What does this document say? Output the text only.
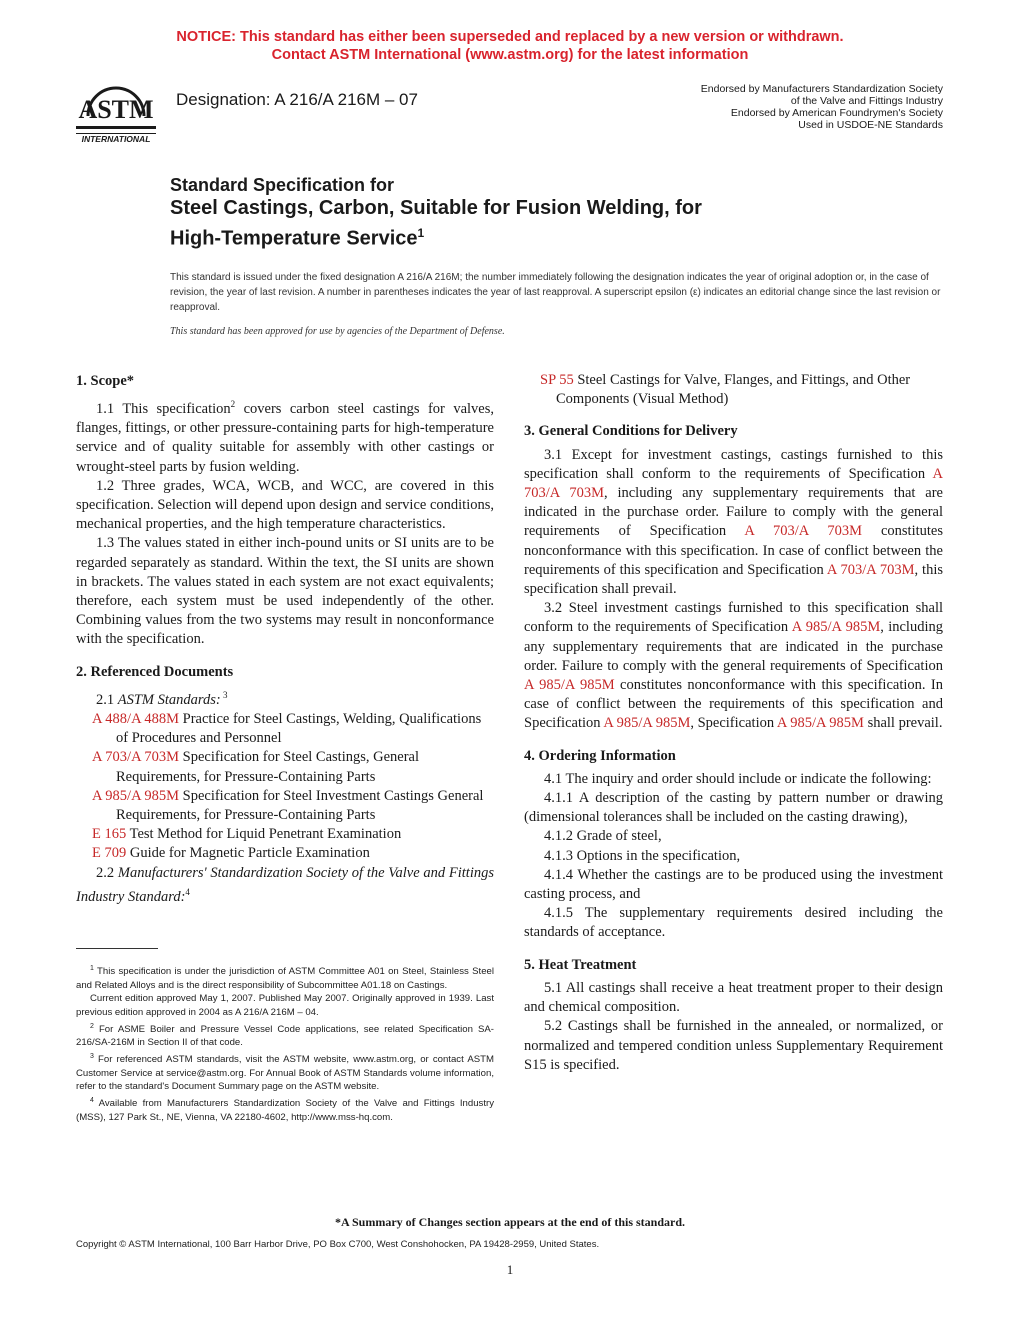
NOTICE: This standard has either been superseded and replaced by a new version or withdrawn.
Contact ASTM International (www.astm.org) for the latest information
ASTM
INTERNATIONAL
Designation: A 216/A 216M – 07
Endorsed by Manufacturers Standardization Society
of the Valve and Fittings Industry
Endorsed by American Foundrymen's Society
Used in USDOE-NE Standards
Standard Specification for
Steel Castings, Carbon, Suitable for Fusion Welding, for
High-Temperature Service$^1$
This standard is issued under the fixed designation A 216/A 216M; the number immediately following the designation indicates the year of original adoption or, in the case of revision, the year of last revision. A number in parentheses indicates the year of last reapproval. A superscript epsilon (ε) indicates an editorial change since the last revision or reapproval.
This standard has been approved for use by agencies of the Department of Defense.

1. Scope*

1.1 This specification$^2$ covers carbon steel castings for valves, flanges, fittings, or other pressure-containing parts for high-temperature service and of quality suitable for assembly with other castings or wrought-steel parts by fusion welding.

1.2 Three grades, WCA, WCB, and WCC, are covered in this specification. Selection will depend upon design and service conditions, mechanical properties, and the high temperature characteristics.

1.3 The values stated in either inch-pound units or SI units are to be regarded separately as standard. Within the text, the SI units are shown in brackets. The values stated in each system are not exact equivalents; therefore, each system must be used independently of the other. Combining values from the two systems may result in nonconformance with the specification.

2. Referenced Documents

2.1 ASTM Standards: $^3$

A 488/A 488M Practice for Steel Castings, Welding, Qualifications of Procedures and Personnel

A 703/A 703M Specification for Steel Castings, General Requirements, for Pressure-Containing Parts

A 985/A 985M Specification for Steel Investment Castings General Requirements, for Pressure-Containing Parts

E 165 Test Method for Liquid Penetrant Examination

E 709 Guide for Magnetic Particle Examination

2.2 Manufacturers' Standardization Society of the Valve and Fittings Industry Standard:$^4$

$^1$ This specification is under the jurisdiction of ASTM Committee A01 on Steel, Stainless Steel and Related Alloys and is the direct responsibility of Subcommittee A01.18 on Castings.

Current edition approved May 1, 2007. Published May 2007. Originally approved in 1939. Last previous edition approved in 2004 as A 216/A 216M – 04.

$^2$ For ASME Boiler and Pressure Vessel Code applications, see related Specification SA-216/SA-216M in Section II of that code.

$^3$ For referenced ASTM standards, visit the ASTM website, www.astm.org, or contact ASTM Customer Service at service@astm.org. For Annual Book of ASTM Standards volume information, refer to the standard's Document Summary page on the ASTM website.

$^4$ Available from Manufacturers Standardization Society of the Valve and Fittings Industry (MSS), 127 Park St., NE, Vienna, VA 22180-4602, http://www.mss-hq.com.

SP 55 Steel Castings for Valve, Flanges, and Fittings, and Other Components (Visual Method)

3. General Conditions for Delivery

3.1 Except for investment castings, castings furnished to this specification shall conform to the requirements of Specification A 703/A 703M, including any supplementary requirements that are indicated in the purchase order. Failure to comply with the general requirements of Specification A 703/A 703M constitutes nonconformance with this specification. In case of conflict between the requirements of this specification and Specification A 703/A 703M, this specification shall prevail.

3.2 Steel investment castings furnished to this specification shall conform to the requirements of Specification A 985/A 985M, including any supplementary requirements that are indicated in the purchase order. Failure to comply with the general requirements of Specification A 985/A 985M constitutes nonconformance with this specification. In case of conflict between the requirements of this specification and Specification A 985/A 985M, Specification A 985/A 985M shall prevail.

4. Ordering Information

4.1 The inquiry and order should include or indicate the following:

4.1.1 A description of the casting by pattern number or drawing (dimensional tolerances shall be included on the casting drawing),

4.1.2 Grade of steel,

4.1.3 Options in the specification,

4.1.4 Whether the castings are to be produced using the investment casting process, and

4.1.5 The supplementary requirements desired including the standards of acceptance.

5. Heat Treatment

5.1 All castings shall receive a heat treatment proper to their design and chemical composition.

5.2 Castings shall be furnished in the annealed, or normalized, or normalized and tempered condition unless Supplementary Requirement S15 is specified.

*A Summary of Changes section appears at the end of this standard.
Copyright © ASTM International, 100 Barr Harbor Drive, PO Box C700, West Conshohocken, PA 19428-2959, United States.
1
